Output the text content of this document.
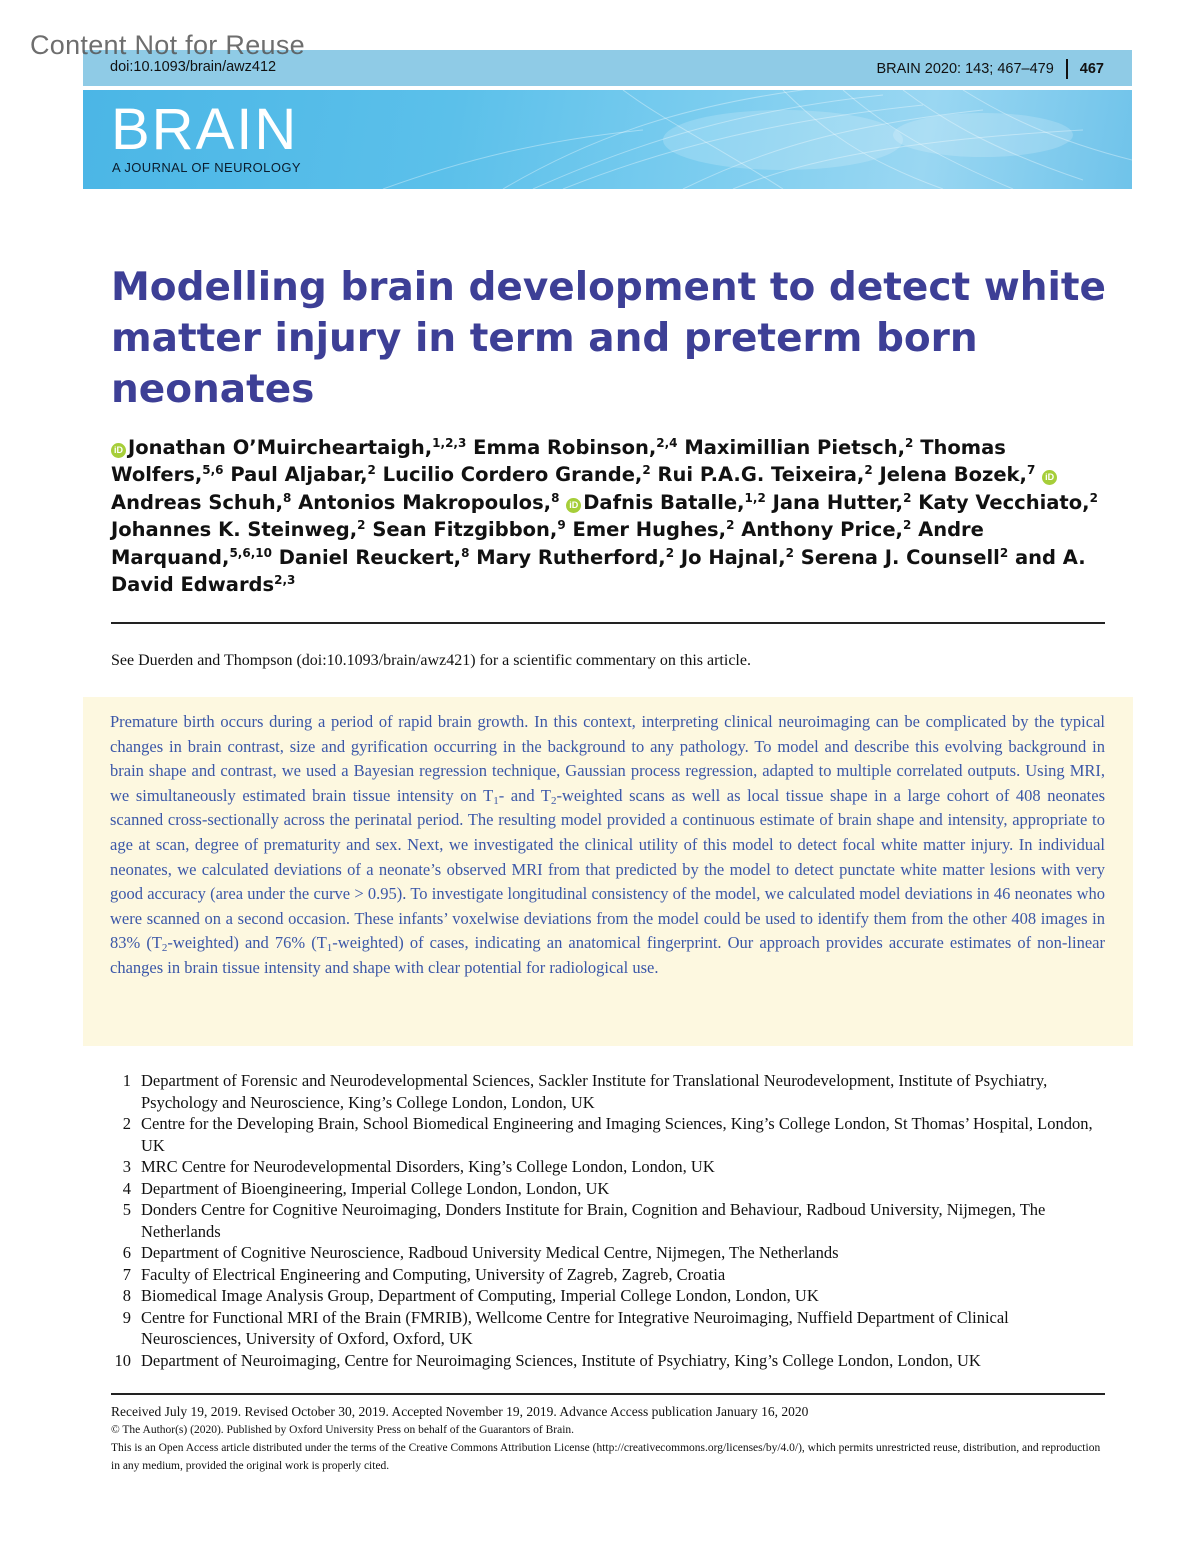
Content Not for Reuse
doi:10.1093/brain/awz412	BRAIN 2020: 143; 467–479 467
BRAIN
A JOURNAL OF NEUROLOGY
Modelling brain development to detect white matter injury in term and preterm born neonates

iD Jonathan O’Muircheartaigh,$^{1,2,3}$ Emma Robinson,$^{2,4}$ Maximillian Pietsch,$^2$ Thomas Wolfers,$^{5,6}$ Paul Aljabar,$^2$ Lucilio Cordero Grande,$^2$ Rui P.A.G. Teixeira,$^2$ Jelena Bozek,$^7$ iDAndreas Schuh,$^8$ Antonios Makropoulos,$^8$ iD Dafnis Batalle,$^{1,2}$ Jana Hutter,$^2$ Katy Vecchiato,$^2$ Johannes K. Steinweg,$^2$ Sean Fitzgibbon,$^9$ Emer Hughes,$^2$ Anthony Price,$^2$ Andre Marquand,$^{5,6,10}$ Daniel Reuckert,$^8$ Mary Rutherford,$^2$ Jo Hajnal,$^2$ Serena J. Counsell$^2$ and A. David Edwards$^{2,3}$

See Duerden and Thompson (doi:10.1093/brain/awz421) for a scientific commentary on this article.

Premature birth occurs during a period of rapid brain growth. In this context, interpreting clinical neuroimaging can be complicated by the typical changes in brain contrast, size and gyrification occurring in the background to any pathology. To model and describe this evolving background in brain shape and contrast, we used a Bayesian regression technique, Gaussian process regression, adapted to multiple correlated outputs. Using MRI, we simultaneously estimated brain tissue intensity on $T_1-$ and $T_2$-weighted scans as well as local tissue shape in a large cohort of 408 neonates scanned cross-sectionally across the perinatal period. The resulting model provided a continuous estimate of brain shape and intensity, appropriate to age at scan, degree of prematurity and sex. Next, we investigated the clinical utility of this model to detect focal white matter injury. In individual neonates, we calculated deviations of a neonate’s observed MRI from that predicted by the model to detect punctate white matter lesions with very good accuracy (area under the curve > 0.95). To investigate longitudinal consistency of the model, we calculated model deviations in 46 neonates who were scanned on a second occasion. These infants’ voxelwise deviations from the model could be used to identify them from the other 408 images in 83% $(T_2-weighted)$ and 76% $(T_1-weighted)$ of cases, indicating an anatomical fingerprint. Our approach provides accurate estimates of non-linear changes in brain tissue intensity and shape with clear potential for radiological use.

1 Department of Forensic and Neurodevelopmental Sciences, Sackler Institute for Translational Neurodevelopment, Institute of Psychiatry, Psychology and Neuroscience, King’s College London, London, UK
2 Centre for the Developing Brain, School Biomedical Engineering and Imaging Sciences, King’s College London, St Thomas’ Hospital, London, UK
3 MRC Centre for Neurodevelopmental Disorders, King’s College London, London, UK
4 Department of Bioengineering, Imperial College London, London, UK
5 Donders Centre for Cognitive Neuroimaging, Donders Institute for Brain, Cognition and Behaviour, Radboud University, Nijmegen, The Netherlands
6 Department of Cognitive Neuroscience, Radboud University Medical Centre, Nijmegen, The Netherlands
7 Faculty of Electrical Engineering and Computing, University of Zagreb, Zagreb, Croatia
8 Biomedical Image Analysis Group, Department of Computing, Imperial College London, London, UK
9 Centre for Functional MRI of the Brain (FMRIB), Wellcome Centre for Integrative Neuroimaging, Nuffield Department of Clinical Neurosciences, University of Oxford, Oxford, UK
10 Department of Neuroimaging, Centre for Neuroimaging Sciences, Institute of Psychiatry, King’s College London, London, UK
Received July 19, 2019. Revised October 30, 2019. Accepted November 19, 2019. Advance Access publication January 16, 2020
© The Author(s) (2020). Published by Oxford University Press on behalf of the Guarantors of Brain.
This is an Open Access article distributed under the terms of the Creative Commons Attribution License (http://creativecommons.org/licenses/by/4.0/), which permits unrestricted reuse, distribution, and reproduction in any medium, provided the original work is properly cited.
